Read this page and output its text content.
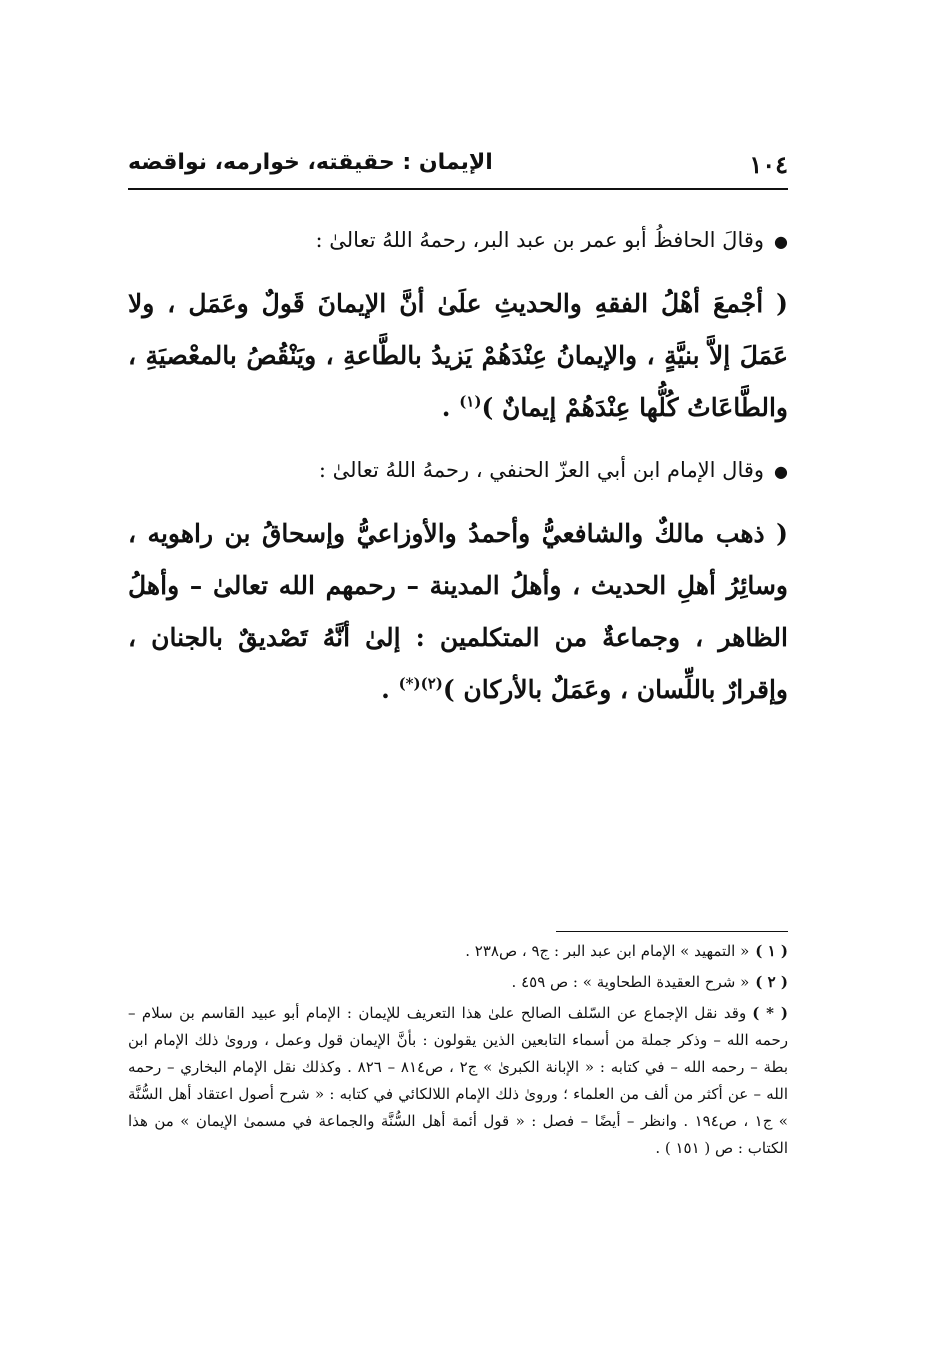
١٠٤
الإيمان : حقيقته، خوارمه، نواقضه

●وقالَ الحافظُ أبو عمر بن عبد البر، رحمهُ اللهُ تعالىٰ :

( أجْمعَ أهْلُ الفقهِ والحديثِ علَىٰ أنَّ الإيمانَ قَولٌ وعَمَل ، ولا عَمَلَ إلاَّ بنيَّةٍ ، والإيمانُ عِنْدَهُمْ يَزيدُ بالطَّاعةِ ، ويَنْقُصُ بالمعْصيَةِ ، والطَّاعَاتُ كُلُّها عِنْدَهُمْ إيمانٌ )$^{(١)}$ .

●وقال الإمام ابن أبي العزّ الحنفي ، رحمهُ اللهُ تعالىٰ :

( ذهب مالكٌ والشافعيُّ وأحمدُ والأوزاعيُّ وإسحاقُ بن راهويه ، وسائِرُ أهلِ الحديث ، وأهلُ المدينة – رحمهم الله تعالىٰ – وأهلُ الظاهر ، وجماعةٌ من المتكلمين : إلىٰ أنَّهُ تَصْديقٌ بالجنان ، وإقرارٌ باللِّسان ، وعَمَلٌ بالأركان )$^{(٢)(*)}$ .

( ١ )« التمهيد » الإمام ابن عبد البر : ج٩ ، ص٢٣٨ .

( ٢ )« شرح العقيدة الطحاوية » : ص ٤٥٩ .

( * )وقد نقل الإجماع عن السّلف الصالح علىٰ هذا التعريف للإيمان : الإمام أبو عبيد القاسم بن سلام – رحمه الله – وذكر جملة من أسماء التابعين الذين يقولون : بأنَّ الإيمان قول وعمل ، وروىٰ ذلك الإمام ابن بطة – رحمه الله – في كتابه : « الإبانة الكبرىٰ » ج٢ ، ص٨١٤ – ٨٢٦ . وكذلك نقل الإمام البخاري – رحمه الله – عن أكثر من ألف من العلماء ؛ وروىٰ ذلك الإمام اللالكائي في كتابه : « شرح أصول اعتقاد أهل السُّنَّة » ج١ ، ص١٩٤ . وانظر – أيضًا – فصل : « قول أئمة أهل السُّنَّة والجماعة في مسمىٰ الإيمان » من هذا الكتاب : ص ( ١٥١ ) .
